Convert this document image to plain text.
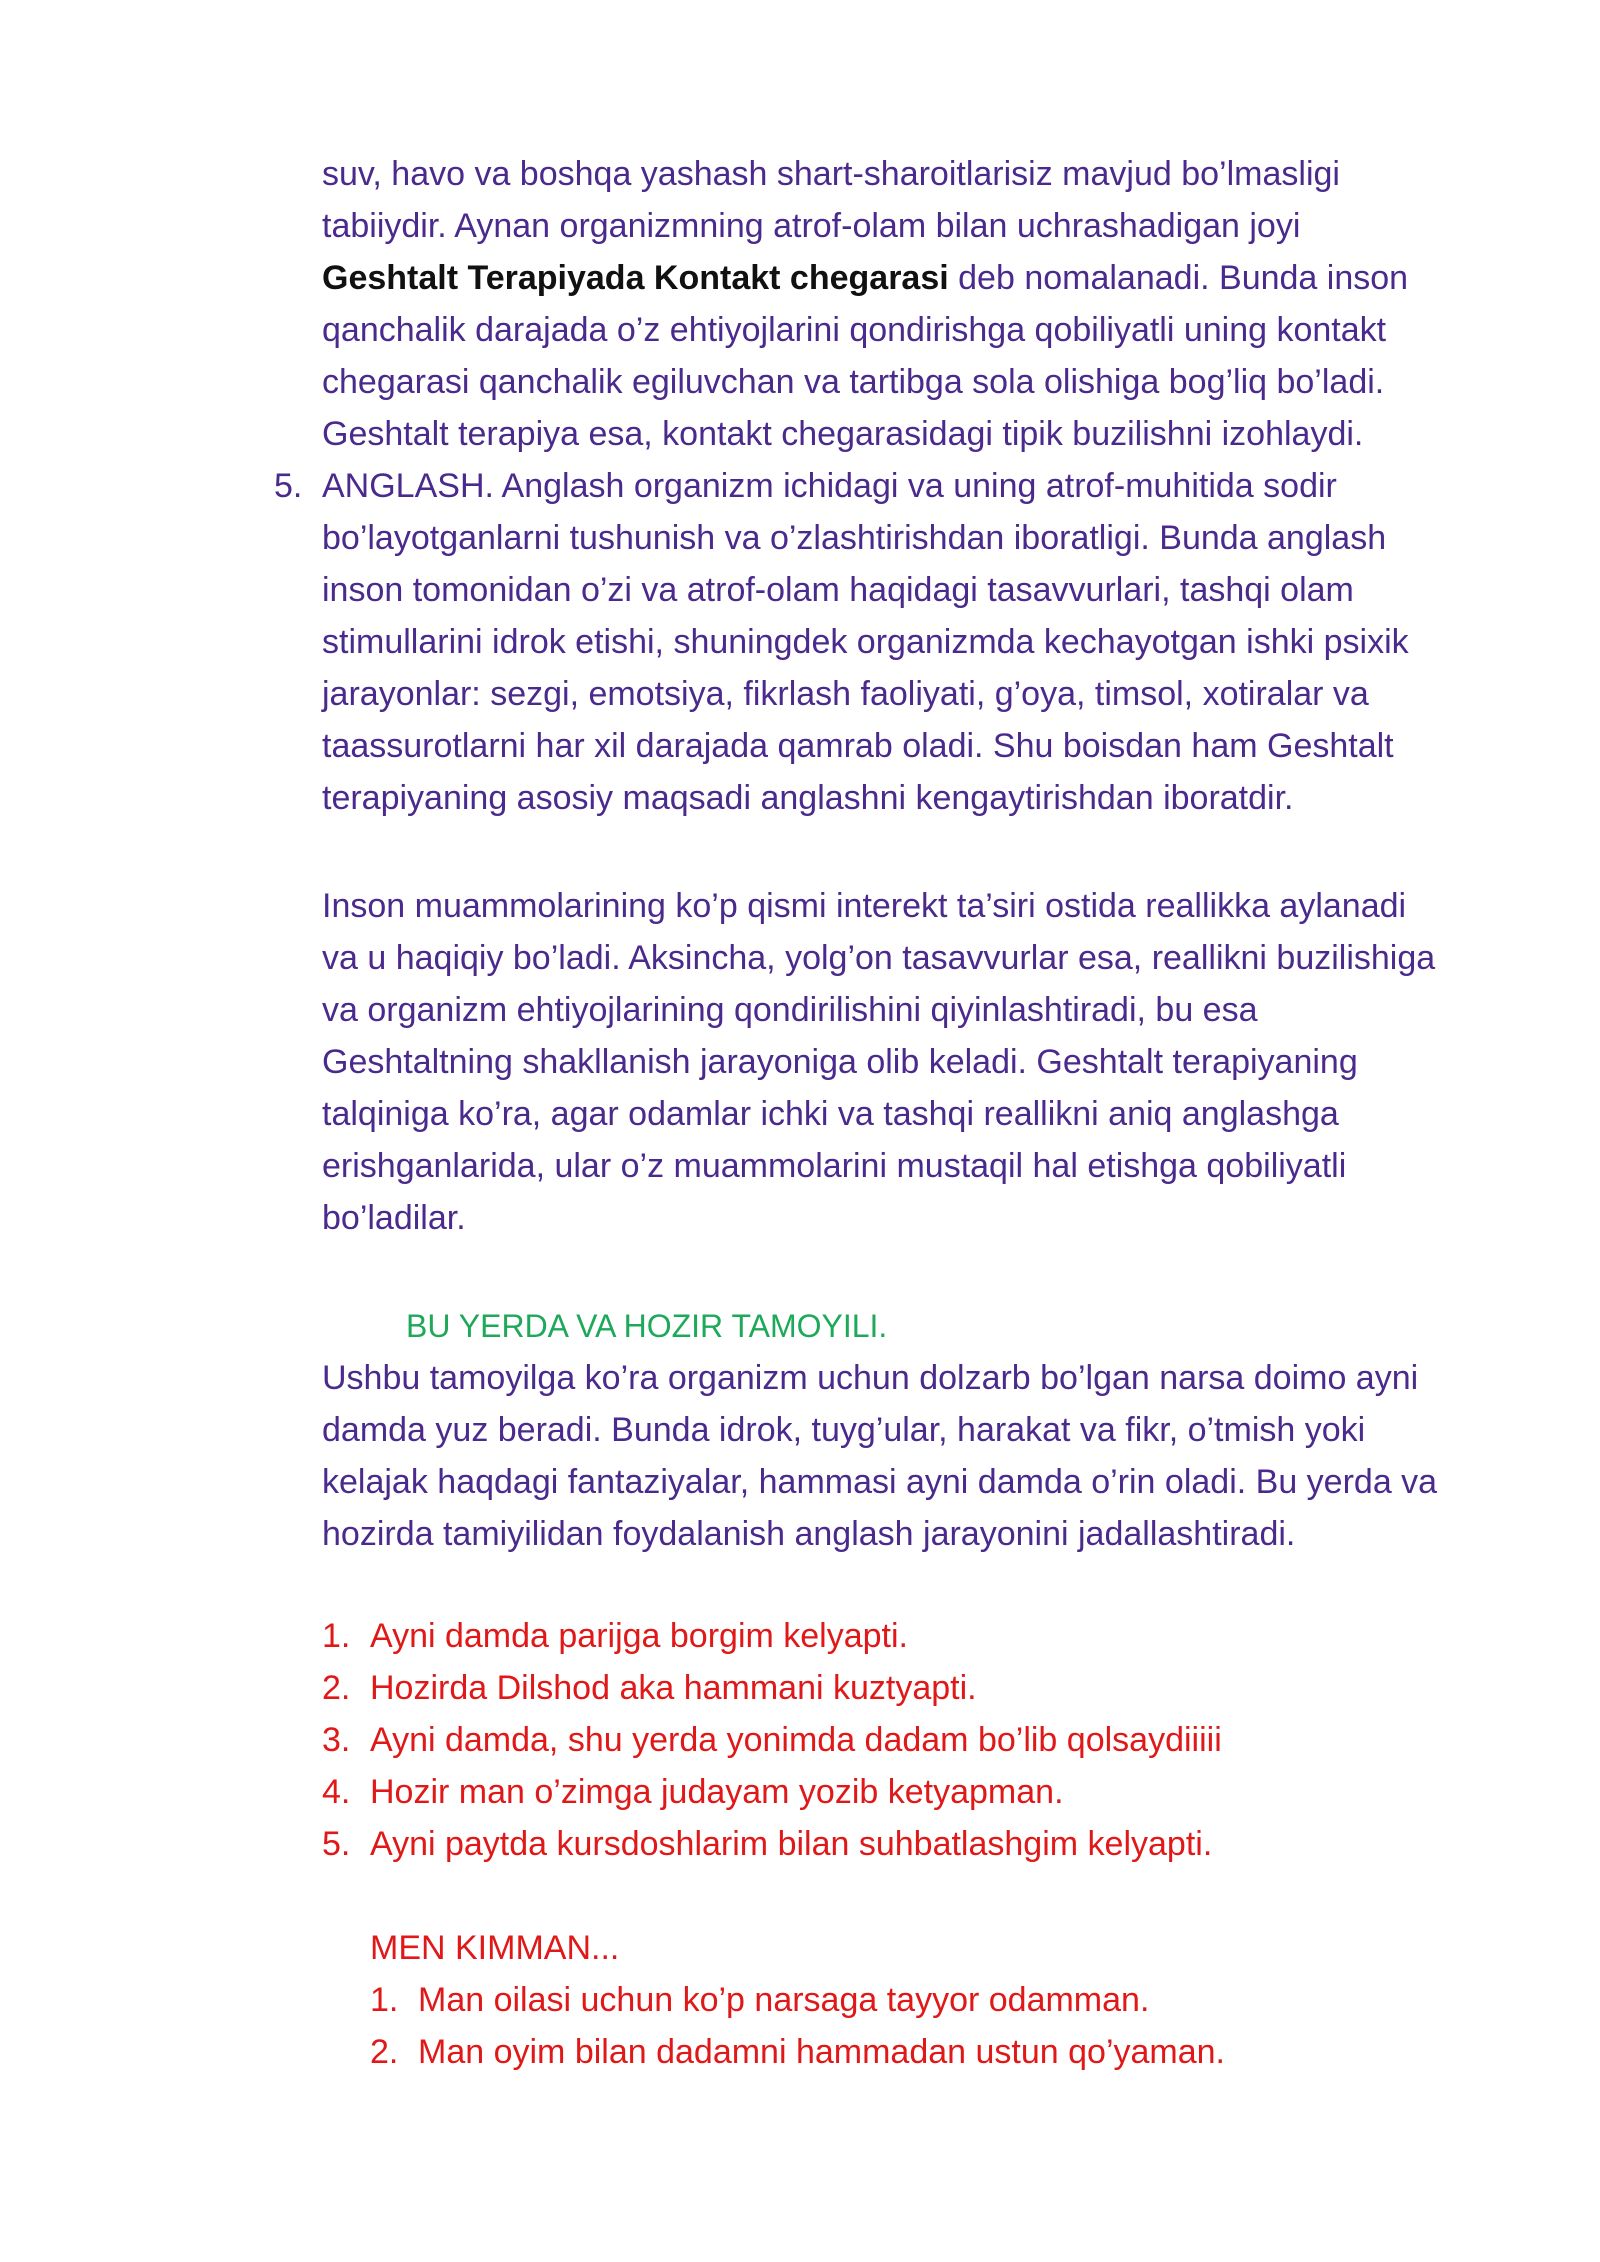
suv, havo va boshqa yashash shart-sharoitlarisiz mavjud bo’lmasligi
tabiiydir. Aynan organizmning atrof-olam bilan uchrashadigan joyi
Geshtalt Terapiyada Kontakt chegarasi deb nomalanadi. Bunda inson
qanchalik darajada o’z ehtiyojlarini qondirishga qobiliyatli uning kontakt
chegarasi qanchalik egiluvchan va tartibga sola olishiga bog’liq bo’ladi.
Geshtalt terapiya esa, kontakt chegarasidagi tipik buzilishni izohlaydi.
5. ANGLASH. Anglash organizm ichidagi va uning atrof-muhitida sodir
bo’layotganlarni tushunish va o’zlashtirishdan iboratligi. Bunda anglash
inson tomonidan o’zi va atrof-olam haqidagi tasavvurlari, tashqi olam
stimullarini idrok etishi, shuningdek organizmda kechayotgan ishki psixik
jarayonlar: sezgi, emotsiya, fikrlash faoliyati, g’oya, timsol, xotiralar va
taassurotlarni har xil darajada qamrab oladi. Shu boisdan ham Geshtalt
terapiyaning asosiy maqsadi anglashni kengaytirishdan iboratdir.
Inson muammolarining ko’p qismi interekt ta’siri ostida reallikka aylanadi
va u haqiqiy bo’ladi. Aksincha, yolg’on tasavvurlar esa, reallikni buzilishiga
va organizm ehtiyojlarining qondirilishini qiyinlashtiradi, bu esa
Geshtaltning shakllanish jarayoniga olib keladi. Geshtalt terapiyaning
talqiniga ko’ra, agar odamlar ichki va tashqi reallikni aniq anglashga
erishganlarida, ular o’z muammolarini mustaqil hal etishga qobiliyatli
bo’ladilar.
BU YERDA VA HOZIR TAMOYILI.
Ushbu tamoyilga ko’ra organizm uchun dolzarb bo’lgan narsa doimo ayni
damda yuz beradi. Bunda idrok, tuyg’ular, harakat va fikr, o’tmish yoki
kelajak haqdagi fantaziyalar, hammasi ayni damda o’rin oladi. Bu yerda va
hozirda tamiyilidan foydalanish anglash jarayonini jadallashtiradi.
1. Ayni damda parijga borgim kelyapti.
2. Hozirda Dilshod aka hammani kuztyapti.
3. Ayni damda, shu yerda yonimda dadam bo’lib qolsaydiiiii
4. Hozir man o’zimga judayam yozib ketyapman.
5. Ayni paytda kursdoshlarim bilan suhbatlashgim kelyapti.
MEN KIMMAN...
1. Man oilasi uchun ko’p narsaga tayyor odamman.
2. Man oyim bilan dadamni hammadan ustun qo’yaman.
